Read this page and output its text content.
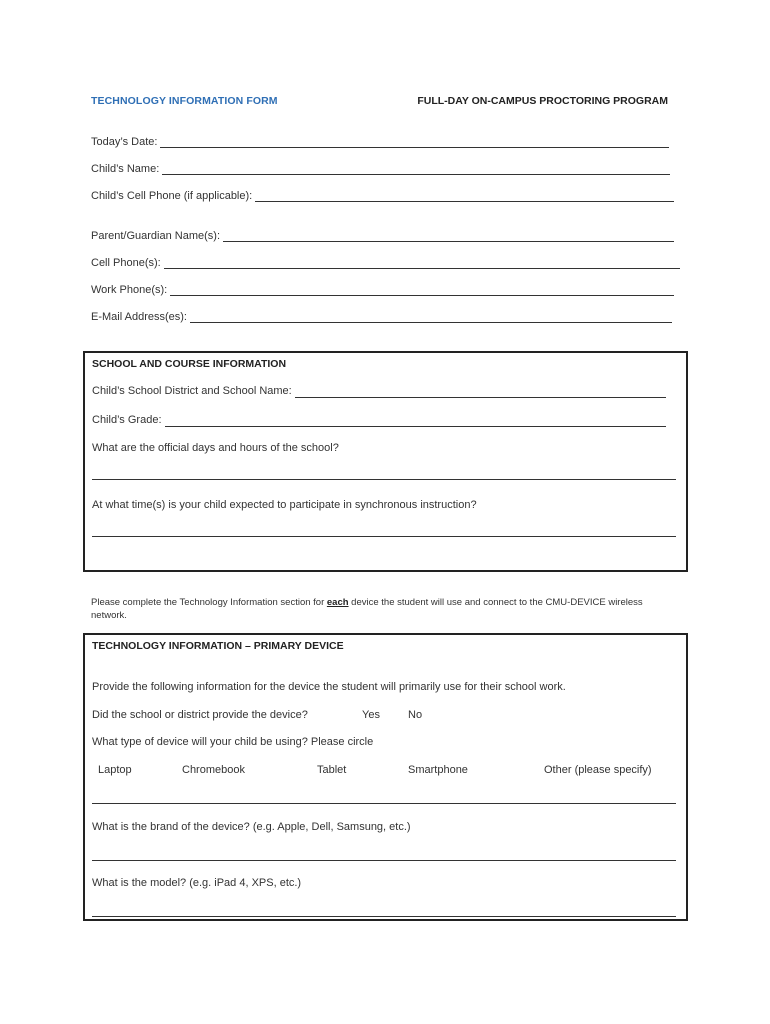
TECHNOLOGY INFORMATION FORM	FULL-DAY ON-CAMPUS PROCTORING PROGRAM
Today’s Date:
Child’s Name:
Child’s Cell Phone (if applicable):
Parent/Guardian Name(s):
Cell Phone(s):
Work Phone(s):
E-Mail Address(es):
SCHOOL AND COURSE INFORMATION
Child’s School District and School Name:
Child’s Grade:
What are the official days and hours of the school?
At what time(s) is your child expected to participate in synchronous instruction?
Please complete the Technology Information section for each device the student will use and connect to the CMU-DEVICE wireless network.
TECHNOLOGY INFORMATION – PRIMARY DEVICE
Provide the following information for the device the student will primarily use for their school work.
Did the school or district provide the device?	Yes	No
What type of device will your child be using? Please circle
Laptop	Chromebook	Tablet	Smartphone	Other (please specify)
What is the brand of the device? (e.g. Apple, Dell, Samsung, etc.)
What is the model? (e.g. iPad 4, XPS, etc.)
